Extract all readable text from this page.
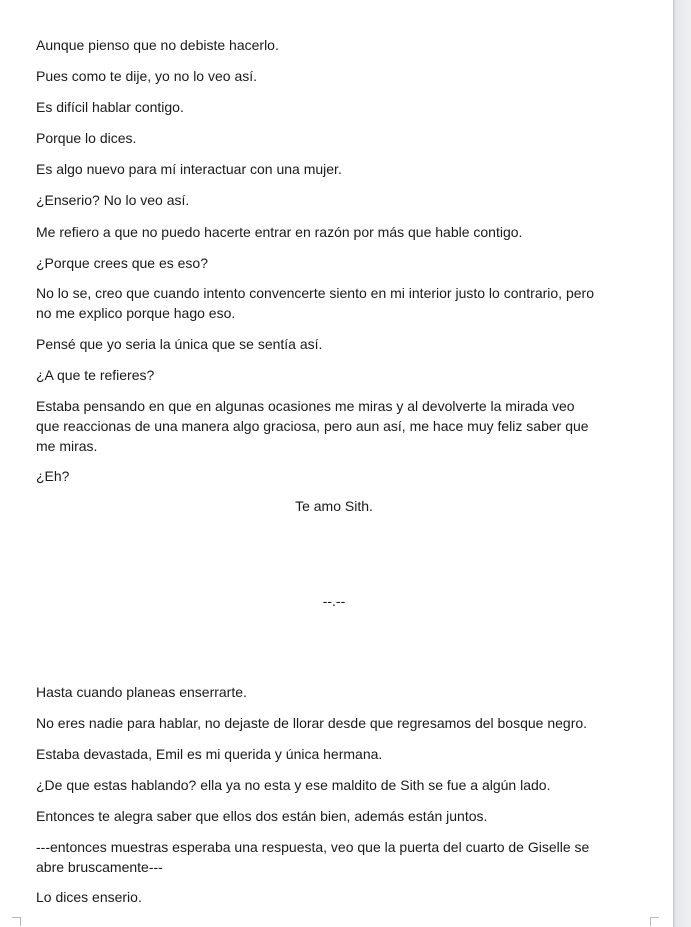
Aunque pienso que no debiste hacerlo.
Pues como te dije, yo no lo veo así.
Es difícil hablar contigo.
Porque lo dices.
Es algo nuevo para mí interactuar con una mujer.
¿Enserio? No lo veo así.
Me refiero a que no puedo hacerte entrar en razón por más que hable contigo.
¿Porque crees que es eso?
No lo se, creo que cuando intento convencerte siento en mi interior justo lo contrario, pero
no me explico porque hago eso.
Pensé que yo seria la única que se sentía así.
¿A que te refieres?
Estaba pensando en que en algunas ocasiones me miras y al devolverte la mirada veo
que reaccionas de una manera algo graciosa, pero aun así, me hace muy feliz saber que
me miras.
¿Eh?
Te amo Sith.
--.--
Hasta cuando planeas enserrarte.
No eres nadie para hablar, no dejaste de llorar desde que regresamos del bosque negro.
Estaba devastada, Emil es mi querida y única hermana.
¿De que estas hablando? ella ya no esta y ese maldito de Sith se fue a algún lado.
Entonces te alegra saber que ellos dos están bien, además están juntos.
---entonces muestras esperaba una respuesta, veo que la puerta del cuarto de Giselle se
abre bruscamente---
Lo dices enserio.
